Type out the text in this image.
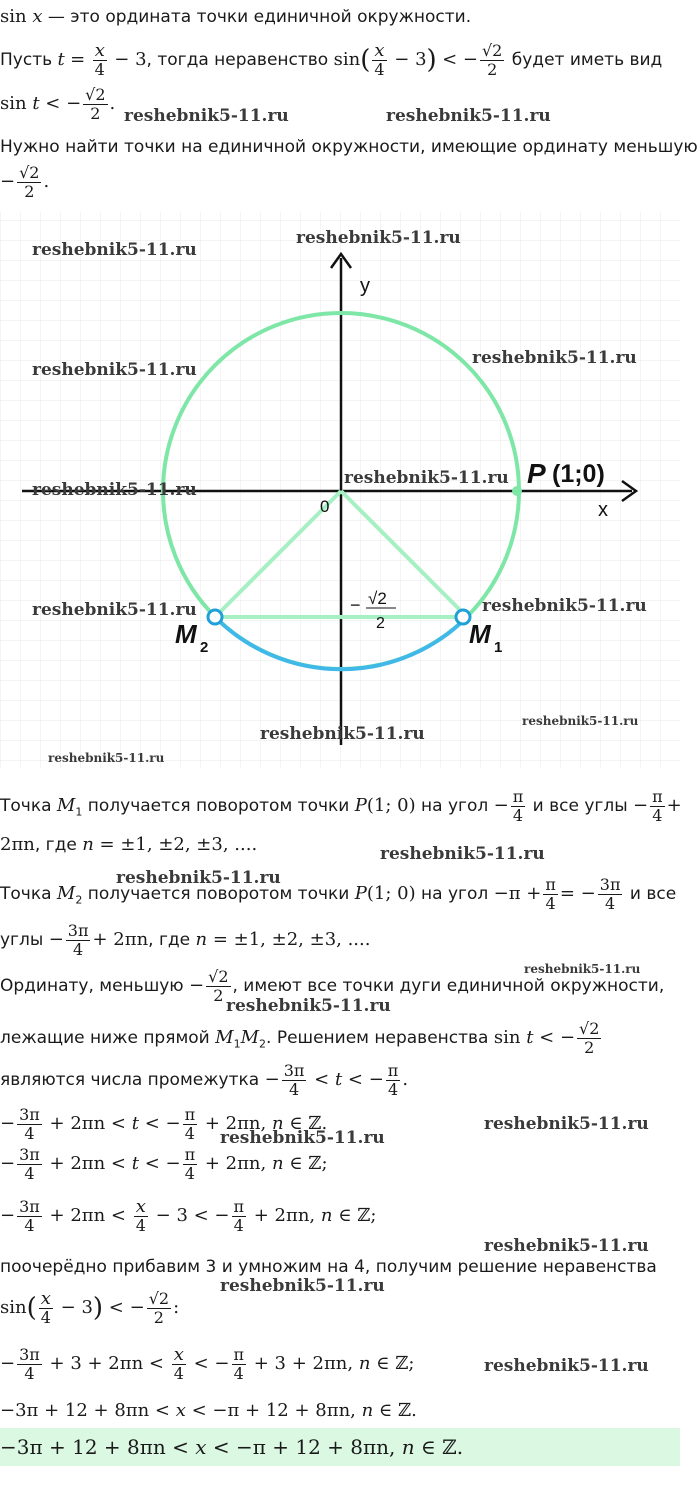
sin x — это ордината точки единичной окружности.
Пусть $t = \frac{x}{4} - 3$, тогда неравенство $\sin( \frac{x}{4} - 3)$ < − $\frac{√2}{2}$ будет иметь вид
sin t < − $\frac{√2}{2}$ .
Нужно найти точки на единичной окружности, имеющие ординату меньшую
− $\frac{√2}{2}$ .
y
x
0
P (1;0)
M 1
M 2
− √2
2
reshebnik5-11.ru	reshebnik5-11.ru
reshebnik5-11.ru
reshebnik5-11.ru
reshebnik5-11.ru
reshebnik5-11.ru
reshebnik5-11.ru
reshebnik5-11.ru
reshebnik5-11.ru
reshebnik5-11.ru
reshebnik5-11.ru
reshebnik5-11.ru
reshebnik5-11.ru
Точка $M_1$ получается поворотом точки P(1; 0) на угол − $\frac{\pi}{4}$ и все углы − $\frac{\pi}{4}$ +
2πn, где n = ±1, ±2, ±3, ....	reshebnik5-11.ru
reshebnik5-11.ru
Точка $M_2$ получается поворотом точки P(1; 0) на угол $-\pi + \frac{\pi}{4}$ = − $\frac{3\pi}{4}$ и все
углы − $\frac{3\pi}{4} + 2\pi n$, где n = ±1, ±2, ±3, ....
reshebnik5-11.ru
Ординату, меньшую − $\frac{√2}{2}$ , имеют все точки дуги единичной окружности,
reshebnik5-11.ru
лежащие ниже прямой $M_1M_2$. Решением неравенства sin t < − $\frac{√2}{2}$
являются числа промежутка − $\frac{3\pi}{4} < t$ < − $\frac{\pi}{4}$ .
− $\frac{3\pi}{4} + 2\pi n < t$ < − $\frac{\pi}{4} + 2\pi n$, n ∈ ℤ.	reshebnik5-11.ru
reshebnik5-11.ru
− $\frac{3\pi}{4} + 2\pi n < t$ < − $\frac{\pi}{4} + 2\pi n$, n ∈ ℤ;
− $\frac{3\pi}{4} + 2\pi n < \frac{x}{4} - 3$ < − $\frac{\pi}{4} + 2\pi n$, n ∈ ℤ;
reshebnik5-11.ru
поочерёдно прибавим 3 и умножим на 4, получим решение неравенства
reshebnik5-11.ru
$\sin( \frac{x}{4} - 3)$ < − $\frac{√2}{2}$ :
− $\frac{3\pi}{4} + 3 + 2\pi n < \frac{x}{4}$ < − $\frac{\pi}{4} + 3 + 2\pi n$, n ∈ ℤ;	reshebnik5-11.ru
−3π + 12 + 8πn < x < −π + 12 + 8πn, n ∈ ℤ.
−3π + 12 + 8πn < x < −π + 12 + 8πn, n ∈ ℤ.
